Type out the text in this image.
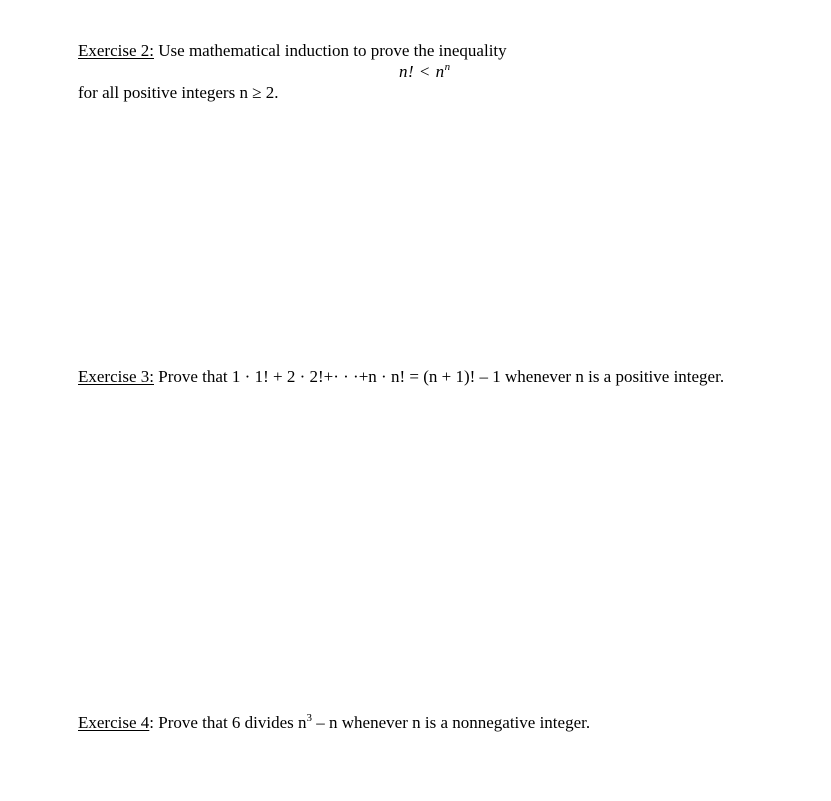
Exercise 2: Use mathematical induction to prove the inequality
n! < $n^n$
for all positive integers n ≥ 2.
Exercise 3: Prove that 1 · 1! + 2 · 2!+· · ·+n · n! = (n + 1)! – 1 whenever n is a positive integer.
Exercise 4: Prove that 6 divides $n^3$ – n whenever n is a nonnegative integer.
